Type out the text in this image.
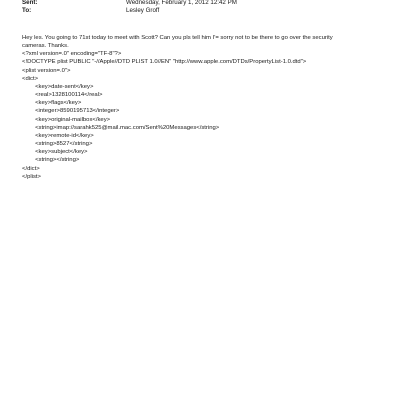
Sent:	Wednesday, February 1, 2012 12:42 PM
To:	Lesley Groff
Hey les. You going to 71st today to meet with Scott? Can you pls tell him I'= sorry not to be there to go over the security
cameras. Thanks.
<?xml version=.0" encoding="TF-8"?>
<!DOCTYPE plist PUBLIC "-//Apple//DTD PLIST 1.0//EN" "http://www.apple.com/DTDs/PropertyList-1.0.dtd">
<plist version=.0">
<dict>
<key>date-sent</key>
<real>1328100114</real>
<key>flags</key>
<integer>8590195713</integer>
<key>original-mailbox</key>
<string>imap://sarahk525@mail.mac.com/Sent%20Messages</string>
<key>remote-id</key>
<string>8527</string>
<key>subject</key>
<string></string>
</dict>
</plist>
